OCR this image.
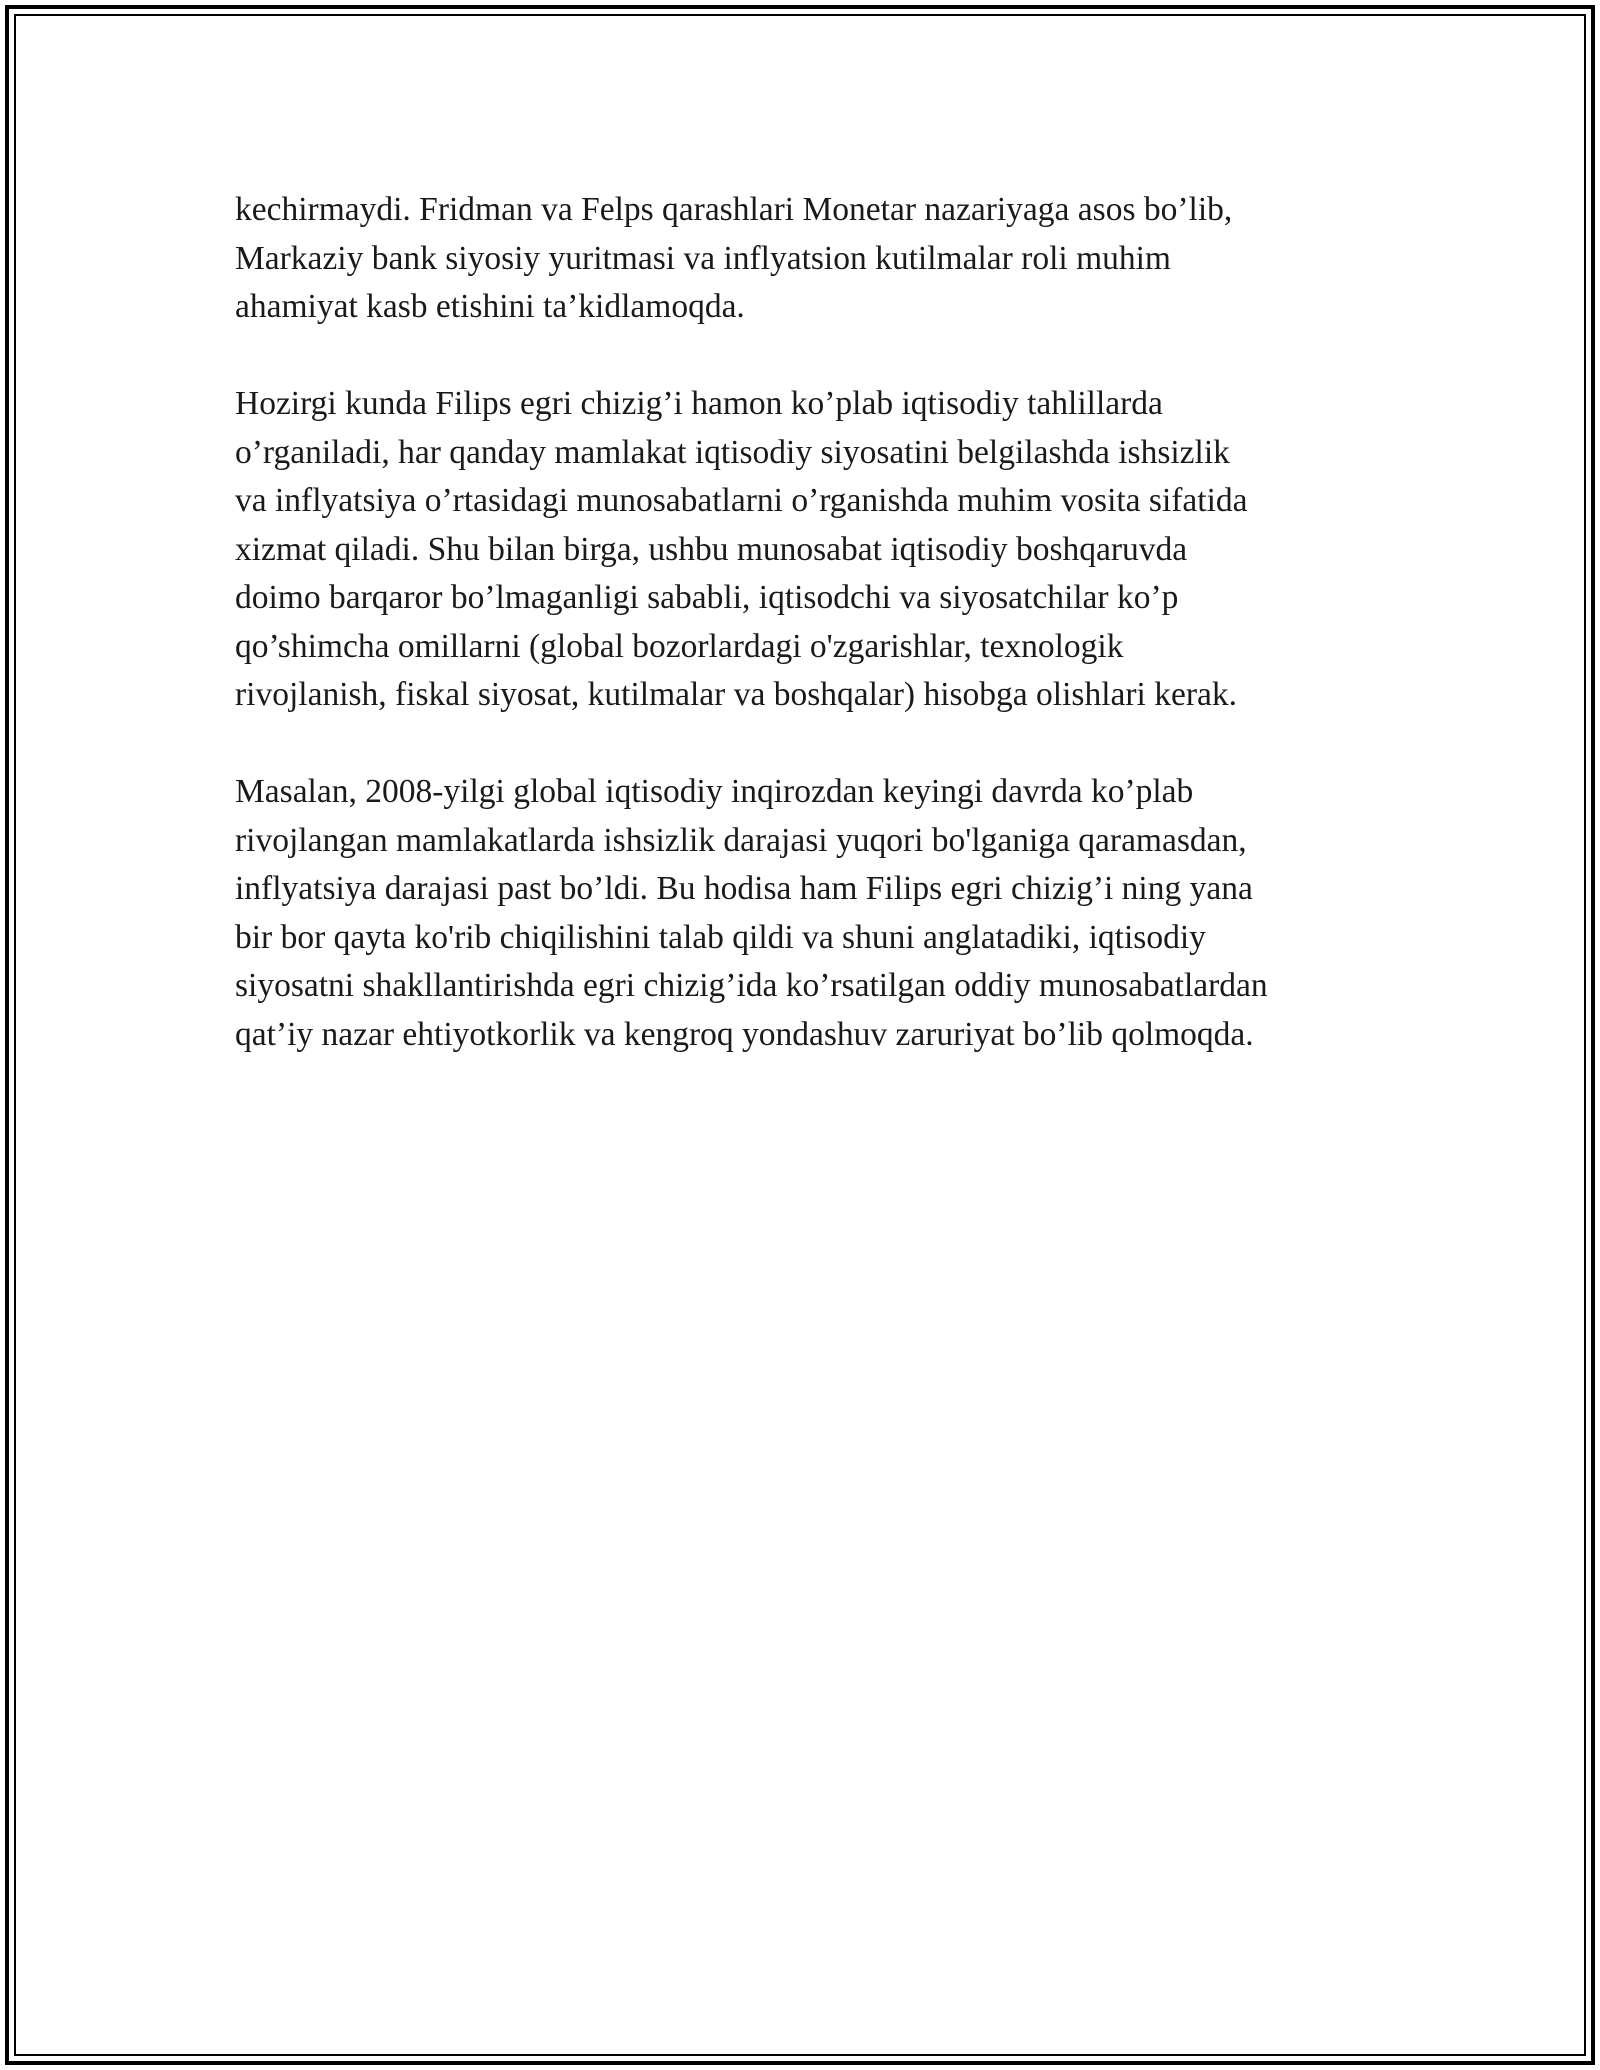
kechirmaydi. Fridman va Felps qarashlari Monetar nazariyaga asos bo’lib,
Markaziy bank siyosiy yuritmasi va inflyatsion kutilmalar roli muhim
ahamiyat kasb etishini ta’kidlamoqda.

Hozirgi kunda Filips egri chizig’i hamon ko’plab iqtisodiy tahlillarda
o’rganiladi, har qanday mamlakat iqtisodiy siyosatini belgilashda ishsizlik
va inflyatsiya o’rtasidagi munosabatlarni o’rganishda muhim vosita sifatida
xizmat qiladi. Shu bilan birga, ushbu munosabat iqtisodiy boshqaruvda
doimo barqaror bo’lmaganligi sababli, iqtisodchi va siyosatchilar ko’p
qo’shimcha omillarni (global bozorlardagi o'zgarishlar, texnologik
rivojlanish, fiskal siyosat, kutilmalar va boshqalar) hisobga olishlari kerak.

Masalan, 2008-yilgi global iqtisodiy inqirozdan keyingi davrda ko’plab
rivojlangan mamlakatlarda ishsizlik darajasi yuqori bo'lganiga qaramasdan,
inflyatsiya darajasi past bo’ldi. Bu hodisa ham Filips egri chizig’i ning yana
bir bor qayta ko'rib chiqilishini talab qildi va shuni anglatadiki, iqtisodiy
siyosatni shakllantirishda egri chizig’ida ko’rsatilgan oddiy munosabatlardan
qat’iy nazar ehtiyotkorlik va kengroq yondashuv zaruriyat bo’lib qolmoqda.
